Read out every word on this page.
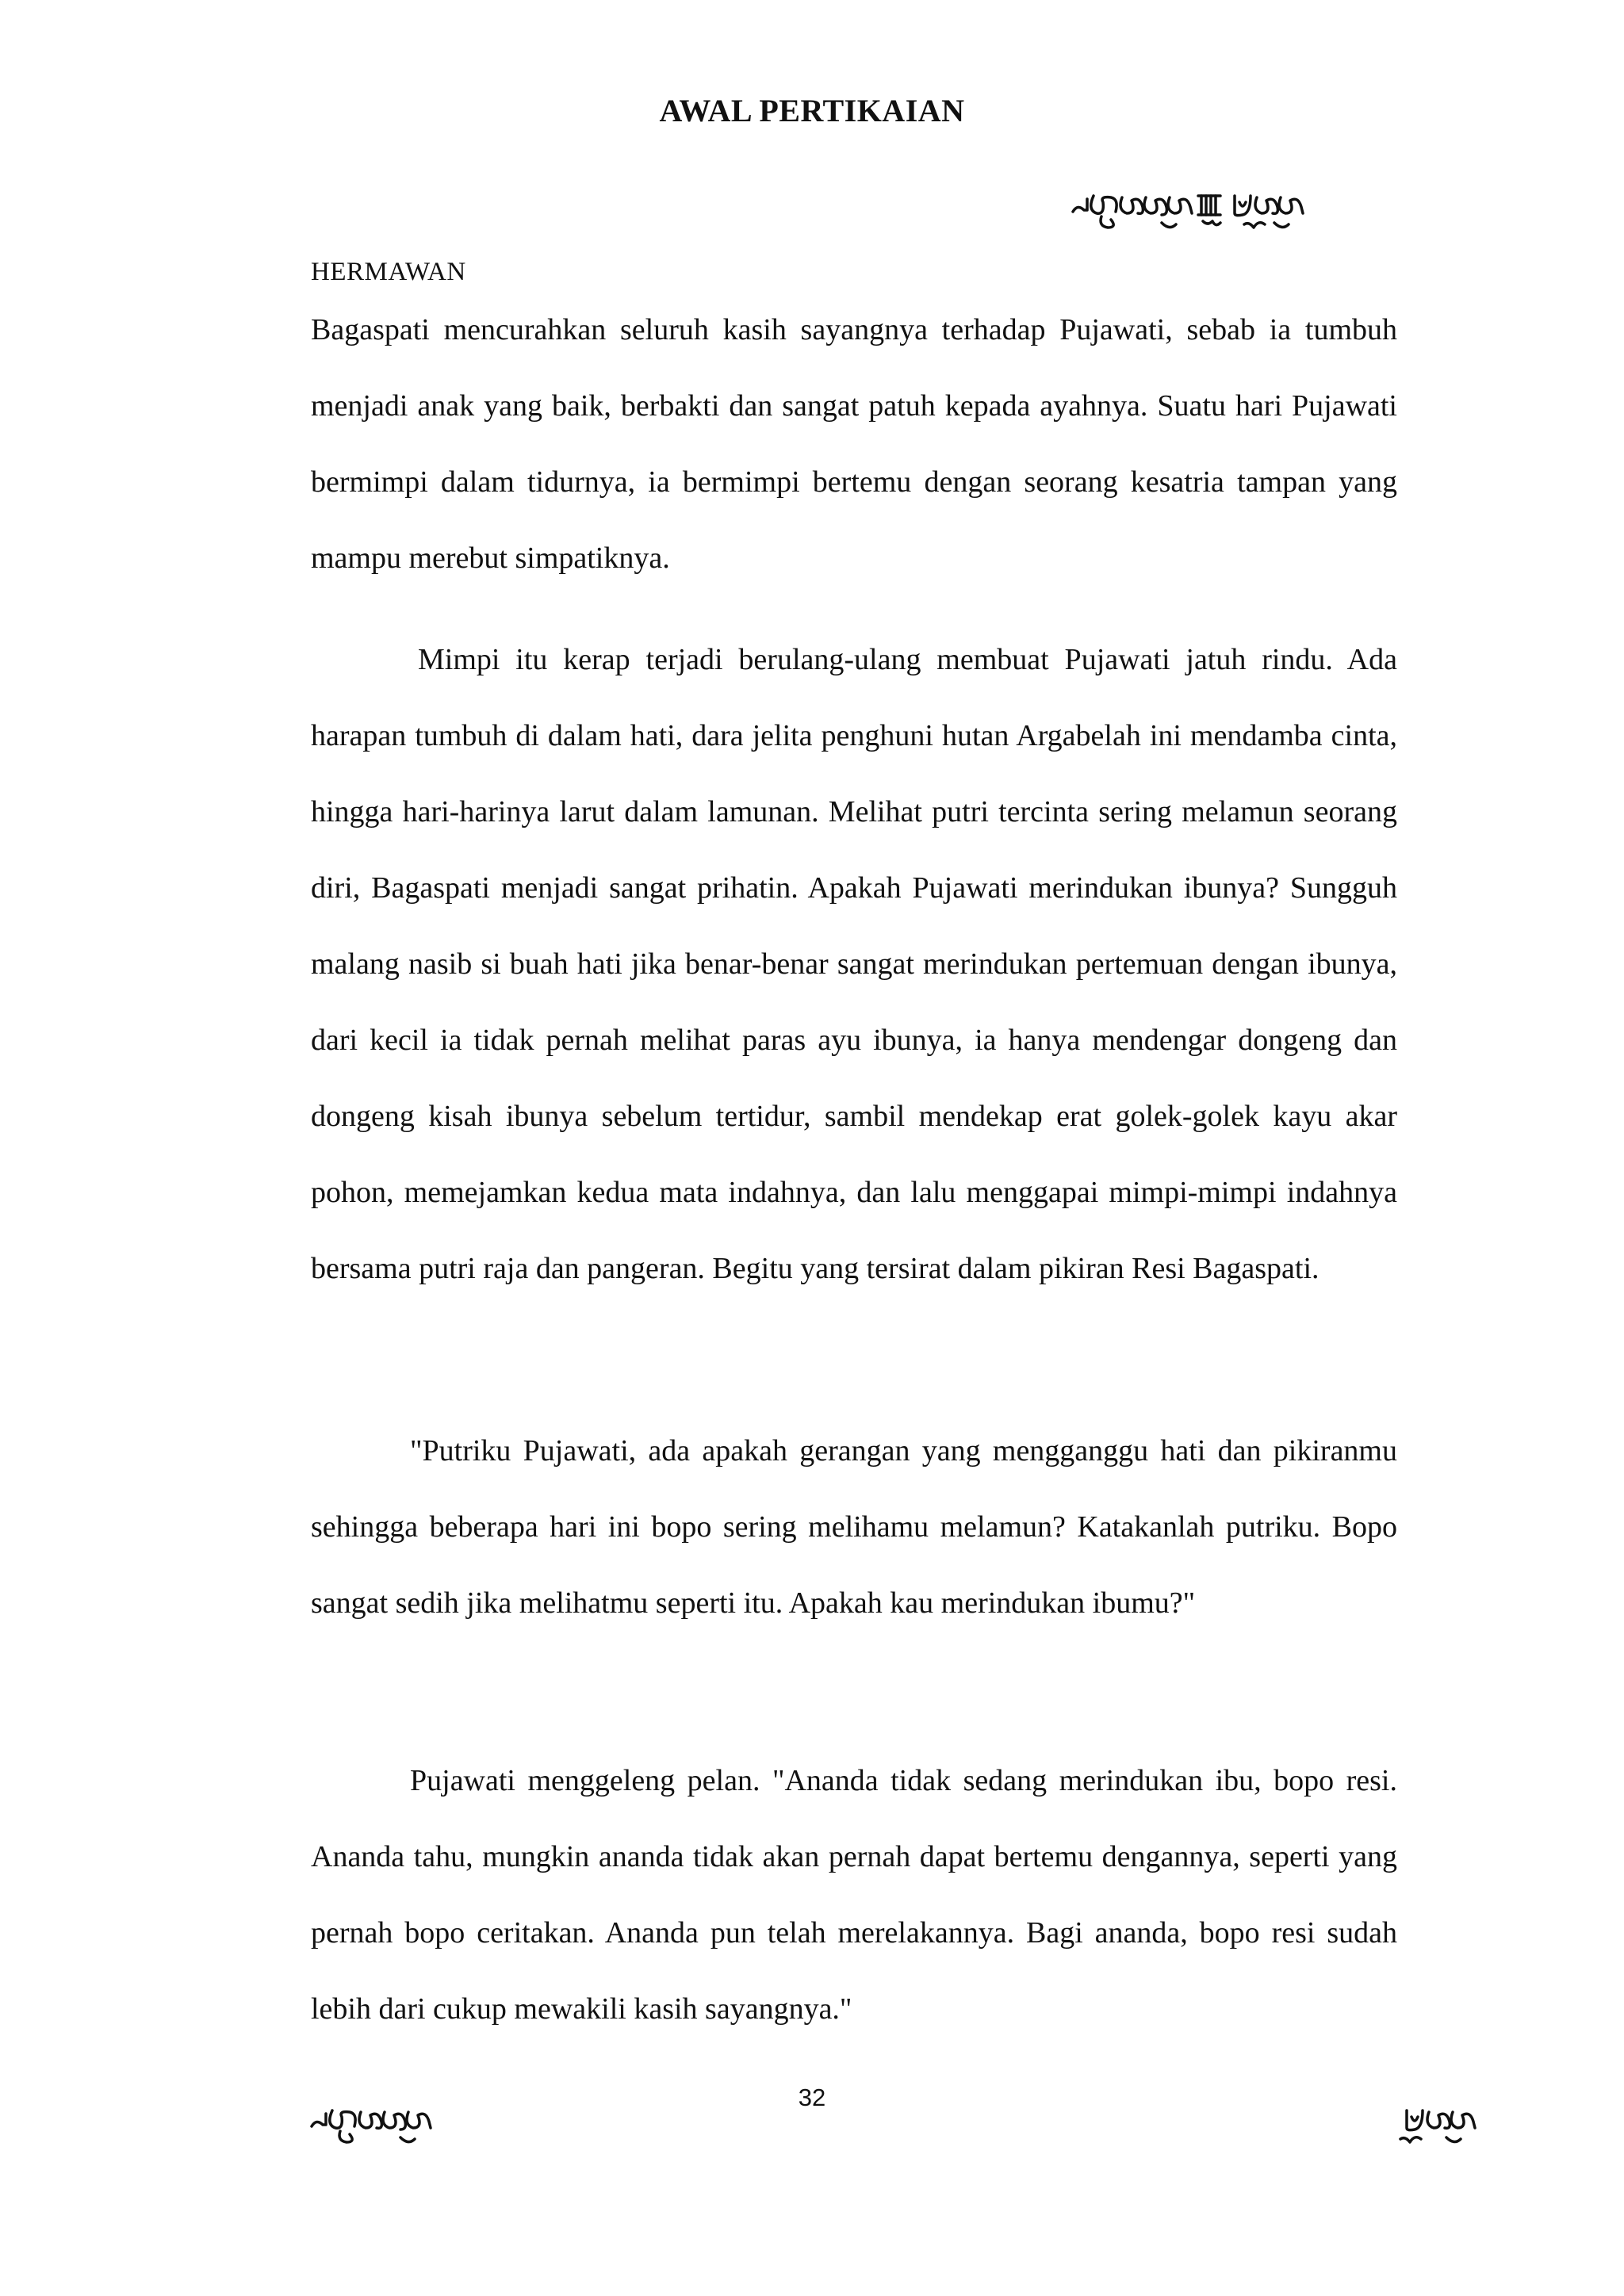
AWAL PERTIKAIAN
HERMAWAN

Bagaspati mencurahkan seluruh kasih sayangnya terhadap Pujawati, sebab ia tumbuh menjadi anak yang baik, berbakti dan sangat patuh kepada ayahnya. Suatu hari Pujawati bermimpi dalam tidurnya, ia bermimpi bertemu dengan seorang kesatria tampan yang mampu merebut simpatiknya.

Mimpi itu kerap terjadi berulang-ulang membuat Pujawati jatuh rindu. Ada harapan tumbuh di dalam hati, dara jelita penghuni hutan Argabelah ini mendamba cinta, hingga hari-harinya larut dalam lamunan. Melihat putri tercinta sering melamun seorang diri, Bagaspati menjadi sangat prihatin. Apakah Pujawati merindukan ibunya? Sungguh malang nasib si buah hati jika benar-benar sangat merindukan pertemuan dengan ibunya, dari kecil ia tidak pernah melihat paras ayu ibunya, ia hanya mendengar dongeng dan dongeng kisah ibunya sebelum tertidur, sambil mendekap erat golek-golek kayu akar pohon, memejamkan kedua mata indahnya, dan lalu menggapai mimpi-mimpi indahnya bersama putri raja dan pangeran. Begitu yang tersirat dalam pikiran Resi Bagaspati.

"Putriku Pujawati, ada apakah gerangan yang mengganggu hati dan pikiranmu sehingga beberapa hari ini bopo sering melihamu melamun? Katakanlah putriku. Bopo sangat sedih jika melihatmu seperti itu. Apakah kau merindukan ibumu?"

Pujawati menggeleng pelan. "Ananda tidak sedang merindukan ibu, bopo resi. Ananda tahu, mungkin ananda tidak akan pernah dapat bertemu dengannya, seperti yang pernah bopo ceritakan. Ananda pun telah merelakannya. Bagi ananda, bopo resi sudah lebih dari cukup mewakili kasih sayangnya."

32
